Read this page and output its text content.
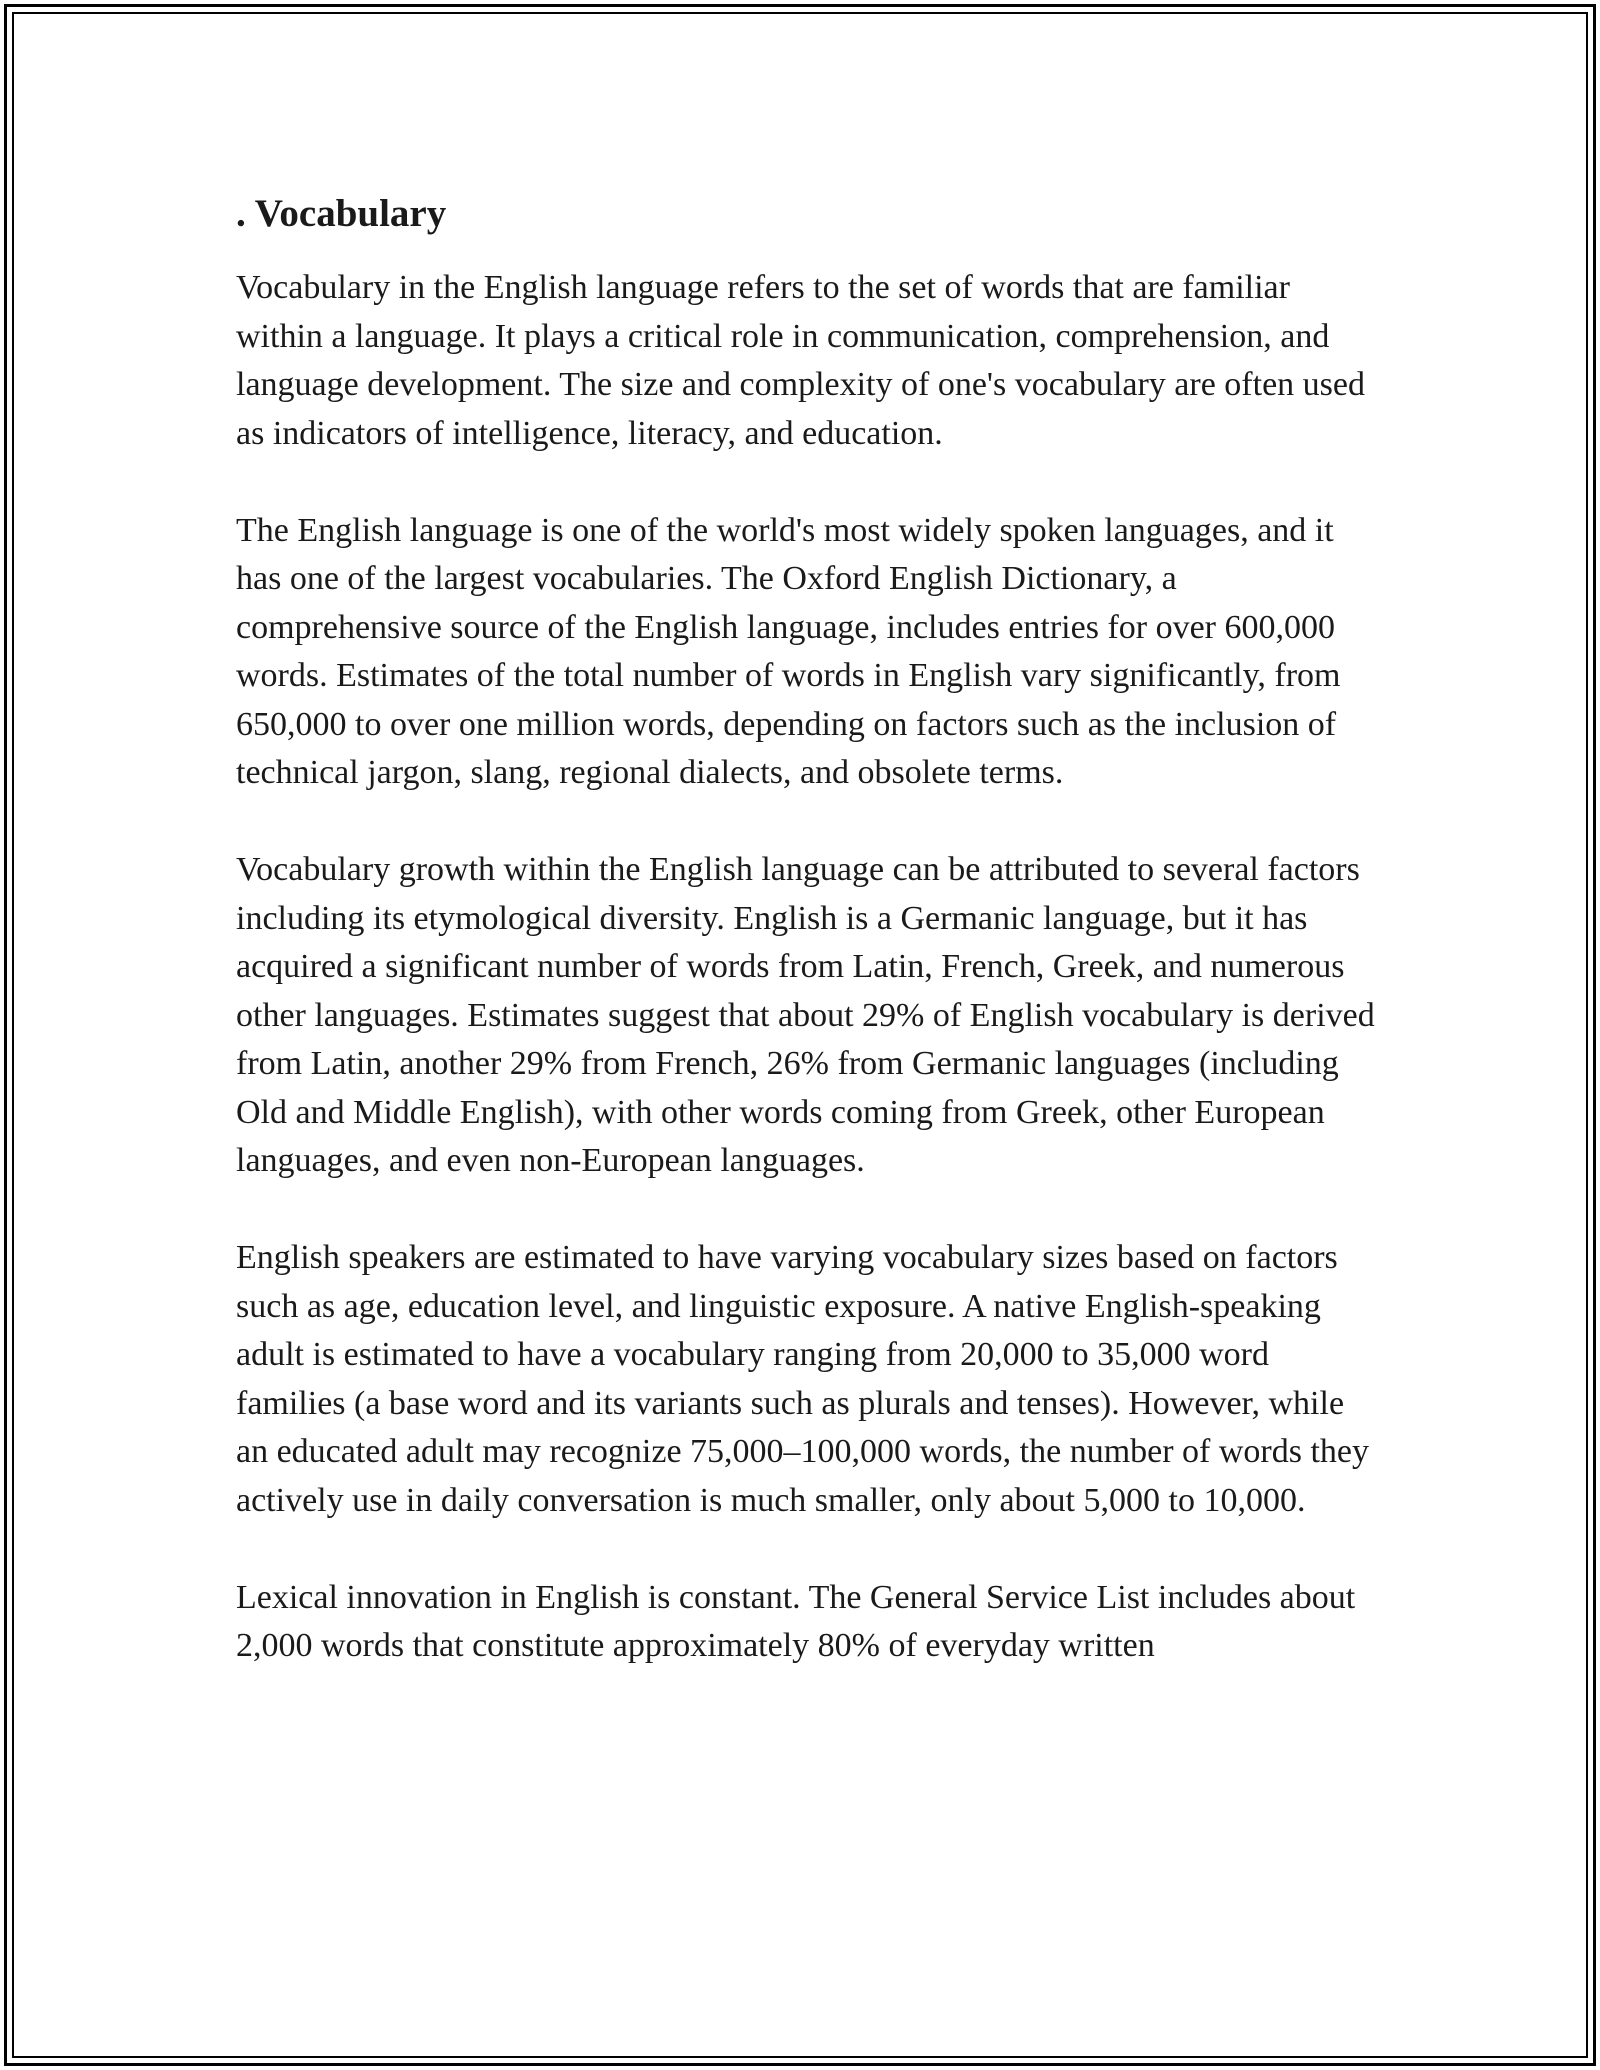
. Vocabulary

Vocabulary in the English language refers to the set of words that are familiar within a language. It plays a critical role in communication, comprehension, and language development. The size and complexity of one's vocabulary are often used as indicators of intelligence, literacy, and education.

The English language is one of the world's most widely spoken languages, and it has one of the largest vocabularies. The Oxford English Dictionary, a comprehensive source of the English language, includes entries for over 600,000 words. Estimates of the total number of words in English vary significantly, from 650,000 to over one million words, depending on factors such as the inclusion of technical jargon, slang, regional dialects, and obsolete terms.

Vocabulary growth within the English language can be attributed to several factors including its etymological diversity. English is a Germanic language, but it has acquired a significant number of words from Latin, French, Greek, and numerous other languages. Estimates suggest that about 29% of English vocabulary is derived from Latin, another 29% from French, 26% from Germanic languages (including Old and Middle English), with other words coming from Greek, other European languages, and even non-European languages.

English speakers are estimated to have varying vocabulary sizes based on factors such as age, education level, and linguistic exposure. A native English-speaking adult is estimated to have a vocabulary ranging from 20,000 to 35,000 word families (a base word and its variants such as plurals and tenses). However, while an educated adult may recognize 75,000–100,000 words, the number of words they actively use in daily conversation is much smaller, only about 5,000 to 10,000.

Lexical innovation in English is constant. The General Service List includes about 2,000 words that constitute approximately 80% of everyday written
